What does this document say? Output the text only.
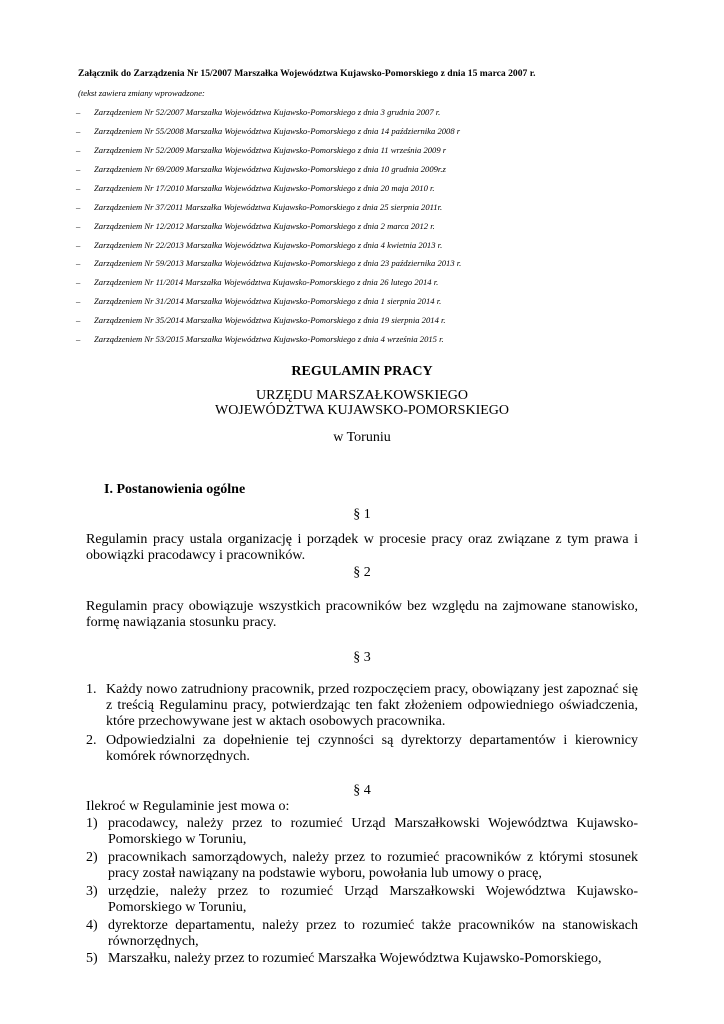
Załącznik do Zarządzenia Nr 15/2007 Marszałka Województwa Kujawsko-Pomorskiego z dnia 15 marca 2007 r.
(tekst zawiera zmiany wprowadzone:
– Zarządzeniem Nr 52/2007 Marszałka Województwa Kujawsko-Pomorskiego z dnia 3 grudnia 2007 r.
– Zarządzeniem Nr 55/2008 Marszałka Województwa Kujawsko-Pomorskiego z dnia 14 października 2008 r
– Zarządzeniem Nr 52/2009 Marszałka Województwa Kujawsko-Pomorskiego z dnia 11 września 2009 r
– Zarządzeniem Nr 69/2009 Marszałka Województwa Kujawsko-Pomorskiego z dnia 10 grudnia 2009r.z
– Zarządzeniem Nr 17/2010 Marszałka Województwa Kujawsko-Pomorskiego z dnia 20 maja 2010 r.
– Zarządzeniem Nr 37/2011 Marszałka Województwa Kujawsko-Pomorskiego z dnia 25 sierpnia 2011r.
– Zarządzeniem Nr 12/2012 Marszałka Województwa Kujawsko-Pomorskiego z dnia 2 marca 2012 r.
– Zarządzeniem Nr 22/2013 Marszałka Województwa Kujawsko-Pomorskiego z dnia 4 kwietnia 2013 r.
– Zarządzeniem Nr 59/2013 Marszałka Województwa Kujawsko-Pomorskiego z dnia 23 października 2013 r.
– Zarządzeniem Nr 11/2014 Marszałka Województwa Kujawsko-Pomorskiego z dnia 26 lutego 2014 r.
– Zarządzeniem Nr 31/2014 Marszałka Województwa Kujawsko-Pomorskiego z dnia 1 sierpnia 2014 r.
– Zarządzeniem Nr 35/2014 Marszałka Województwa Kujawsko-Pomorskiego z dnia 19 sierpnia 2014 r.
– Zarządzeniem Nr 53/2015 Marszałka Województwa Kujawsko-Pomorskiego z dnia 4 września 2015 r.
REGULAMIN PRACY
URZĘDU MARSZAŁKOWSKIEGO
WOJEWÓDZTWA KUJAWSKO-POMORSKIEGO
w Toruniu
I. Postanowienia ogólne
§ 1
Regulamin pracy ustala organizację i porządek w procesie pracy oraz związane z tym prawa i obowiązki pracodawcy i pracowników.
§ 2
Regulamin pracy obowiązuje wszystkich pracowników bez względu na zajmowane stanowisko, formę nawiązania stosunku pracy.
§ 3
1. Każdy nowo zatrudniony pracownik, przed rozpoczęciem pracy, obowiązany jest zapoznać się z treścią Regulaminu pracy, potwierdzając ten fakt złożeniem odpowiedniego oświadczenia, które przechowywane jest w aktach osobowych pracownika.
2. Odpowiedzialni za dopełnienie tej czynności są dyrektorzy departamentów i kierownicy komórek równorzędnych.
§ 4
Ilekroć w Regulaminie jest mowa o:
1) pracodawcy, należy przez to rozumieć Urząd Marszałkowski Województwa Kujawsko-Pomorskiego w Toruniu,
2) pracownikach samorządowych, należy przez to rozumieć pracowników z którymi stosunek pracy został nawiązany na podstawie wyboru, powołania lub umowy o pracę,
3) urzędzie, należy przez to rozumieć Urząd Marszałkowski Województwa Kujawsko-Pomorskiego w Toruniu,
4) dyrektorze departamentu, należy przez to rozumieć także pracowników na stanowiskach równorzędnych,
5) Marszałku, należy przez to rozumieć Marszałka Województwa Kujawsko-Pomorskiego,
